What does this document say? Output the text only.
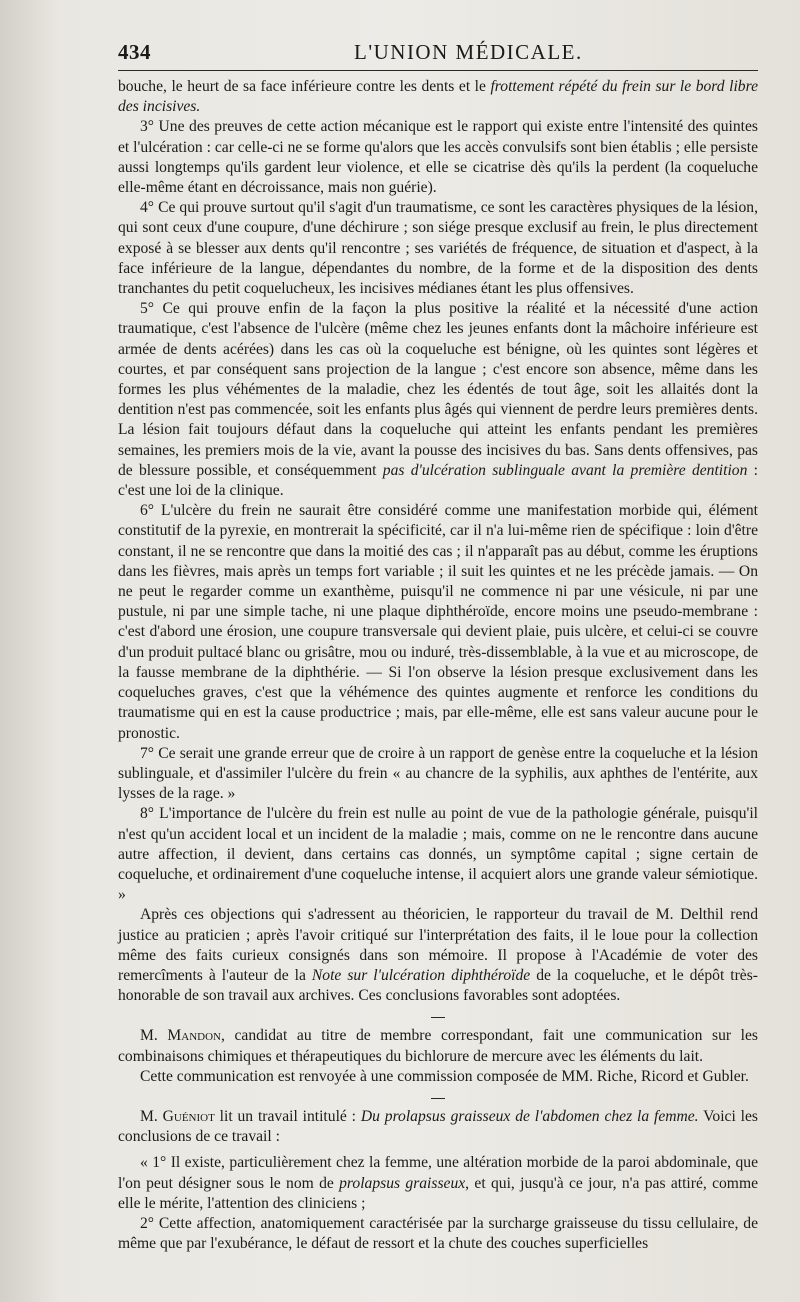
434	L'UNION MÉDICALE.

bouche, le heurt de sa face inférieure contre les dents et le frottement répété du frein sur le bord libre des incisives.

3° Une des preuves de cette action mécanique est le rapport qui existe entre l'intensité des quintes et l'ulcération : car celle-ci ne se forme qu'alors que les accès convulsifs sont bien établis ; elle persiste aussi longtemps qu'ils gardent leur violence, et elle se cicatrise dès qu'ils la perdent (la coqueluche elle-même étant en décroissance, mais non guérie).

4° Ce qui prouve surtout qu'il s'agit d'un traumatisme, ce sont les caractères physiques de la lésion, qui sont ceux d'une coupure, d'une déchirure ; son siége presque exclusif au frein, le plus directement exposé à se blesser aux dents qu'il rencontre ; ses variétés de fréquence, de situation et d'aspect, à la face inférieure de la langue, dépendantes du nombre, de la forme et de la disposition des dents tranchantes du petit coquelucheux, les incisives médianes étant les plus offensives.

5° Ce qui prouve enfin de la façon la plus positive la réalité et la nécessité d'une action traumatique, c'est l'absence de l'ulcère (même chez les jeunes enfants dont la mâchoire inférieure est armée de dents acérées) dans les cas où la coqueluche est bénigne, où les quintes sont légères et courtes, et par conséquent sans projection de la langue ; c'est encore son absence, même dans les formes les plus véhémentes de la maladie, chez les édentés de tout âge, soit les allaités dont la dentition n'est pas commencée, soit les enfants plus âgés qui viennent de perdre leurs premières dents. La lésion fait toujours défaut dans la coqueluche qui atteint les enfants pendant les premières semaines, les premiers mois de la vie, avant la pousse des incisives du bas. Sans dents offensives, pas de blessure possible, et conséquemment pas d'ulcération sublinguale avant la première dentition : c'est une loi de la clinique.

6° L'ulcère du frein ne saurait être considéré comme une manifestation morbide qui, élément constitutif de la pyrexie, en montrerait la spécificité, car il n'a lui-même rien de spécifique : loin d'être constant, il ne se rencontre que dans la moitié des cas ; il n'apparaît pas au début, comme les éruptions dans les fièvres, mais après un temps fort variable ; il suit les quintes et ne les précède jamais. — On ne peut le regarder comme un exanthème, puisqu'il ne commence ni par une vésicule, ni par une pustule, ni par une simple tache, ni une plaque diphthéroïde, encore moins une pseudo-membrane : c'est d'abord une érosion, une coupure transversale qui devient plaie, puis ulcère, et celui-ci se couvre d'un produit pultacé blanc ou grisâtre, mou ou induré, très-dissemblable, à la vue et au microscope, de la fausse membrane de la diphthérie. — Si l'on observe la lésion presque exclusivement dans les coqueluches graves, c'est que la véhémence des quintes augmente et renforce les conditions du traumatisme qui en est la cause productrice ; mais, par elle-même, elle est sans valeur aucune pour le pronostic.

7° Ce serait une grande erreur que de croire à un rapport de genèse entre la coqueluche et la lésion sublinguale, et d'assimiler l'ulcère du frein « au chancre de la syphilis, aux aphthes de l'entérite, aux lysses de la rage. »

8° L'importance de l'ulcère du frein est nulle au point de vue de la pathologie générale, puisqu'il n'est qu'un accident local et un incident de la maladie ; mais, comme on ne le rencontre dans aucune autre affection, il devient, dans certains cas donnés, un symptôme capital ; signe certain de coqueluche, et ordinairement d'une coqueluche intense, il acquiert alors une grande valeur sémiotique. »

Après ces objections qui s'adressent au théoricien, le rapporteur du travail de M. Delthil rend justice au praticien ; après l'avoir critiqué sur l'interprétation des faits, il le loue pour la collection même des faits curieux consignés dans son mémoire. Il propose à l'Académie de voter des remercîments à l'auteur de la Note sur l'ulcération diphthéroïde de la coqueluche, et le dépôt très-honorable de son travail aux archives. Ces conclusions favorables sont adoptées.

M. Mandon, candidat au titre de membre correspondant, fait une communication sur les combinaisons chimiques et thérapeutiques du bichlorure de mercure avec les éléments du lait.

Cette communication est renvoyée à une commission composée de MM. Riche, Ricord et Gubler.

M. Guéniot lit un travail intitulé : Du prolapsus graisseux de l'abdomen chez la femme. Voici les conclusions de ce travail :

« 1° Il existe, particulièrement chez la femme, une altération morbide de la paroi abdominale, que l'on peut désigner sous le nom de prolapsus graisseux, et qui, jusqu'à ce jour, n'a pas attiré, comme elle le mérite, l'attention des cliniciens ;

2° Cette affection, anatomiquement caractérisée par la surcharge graisseuse du tissu cellulaire, de même que par l'exubérance, le défaut de ressort et la chute des couches superficielles
